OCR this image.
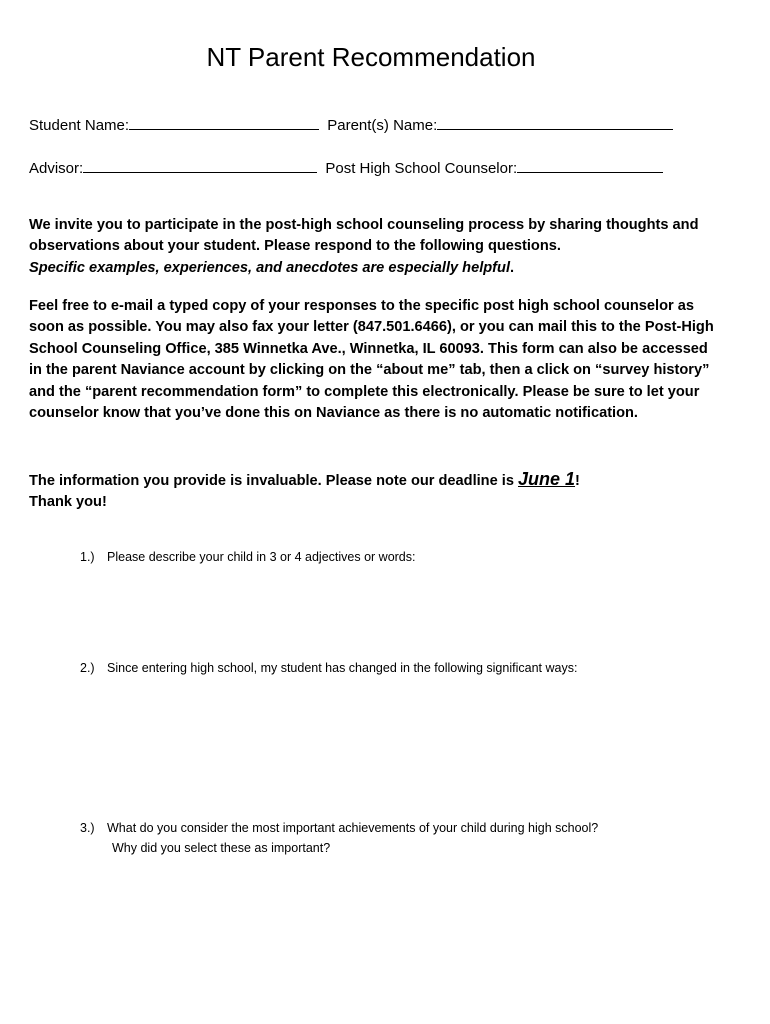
NT Parent Recommendation
Student Name:	Parent(s) Name:
Advisor:	Post High School Counselor:
We invite you to participate in the post-high school counseling process by sharing thoughts and observations about your student. Please respond to the following questions.
Specific examples, experiences, and anecdotes are especially helpful.
Feel free to e-mail a typed copy of your responses to the specific post high school counselor as soon as possible. You may also fax your letter (847.501.6466), or you can mail this to the Post-High School Counseling Office, 385 Winnetka Ave., Winnetka, IL 60093. This form can also be accessed in the parent Naviance account by clicking on the “about me” tab, then a click on “survey history” and the “parent recommendation form” to complete this electronically. Please be sure to let your counselor know that you’ve done this on Naviance as there is no automatic notification.
The information you provide is invaluable. Please note our deadline is June 1!
Thank you!
1.) Please describe your child in 3 or 4 adjectives or words:
2.) Since entering high school, my student has changed in the following significant ways:
3.) What do you consider the most important achievements of your child during high school?
Why did you select these as important?
